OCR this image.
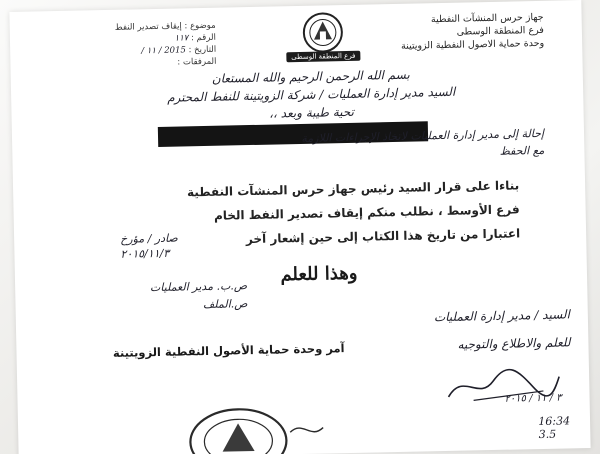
جهاز حرس المنشآت النفطية
فرع المنطقة الوسطى
وحدة حماية الاصول النفطية الزويتينة
فرع المنطقة الوسطى
موضوع : إيقاف تصدير النفط
الرقم : ١١٧
التاريخ : 2015 / ١١ /
المرفقات :
بسم الله الرحمن الرحيم والله المستعان
السيد مدير إدارة العمليات / شركة الزويتينة للنفط المحترم
تحية طيبة وبعد ،،
إحالة إلى مدير إدارة العمليات لاتخاذ الإجراءات اللازمة
مع الحفظ
بناءا على قرار السيد رئيس جهاز حرس المنشآت النفطية
فرع الأوسط ، نطلب منكم إيقاف تصدير النفط الخام
اعتبارا من تاريخ هذا الكتاب إلى حين إشعار آخر
صادر / مؤرخ
٢٠١٥/١١/٣
وهذا للعلم
ص.ب. مدير العمليات
ص.الملف
آمر وحدة حماية الأصول النفطية الزويتينة
السيد / مدير إدارة العمليات
للعلم والاطلاع والتوجيه
٣ / ١١ / ٢٠١٥
16:34
3.5
